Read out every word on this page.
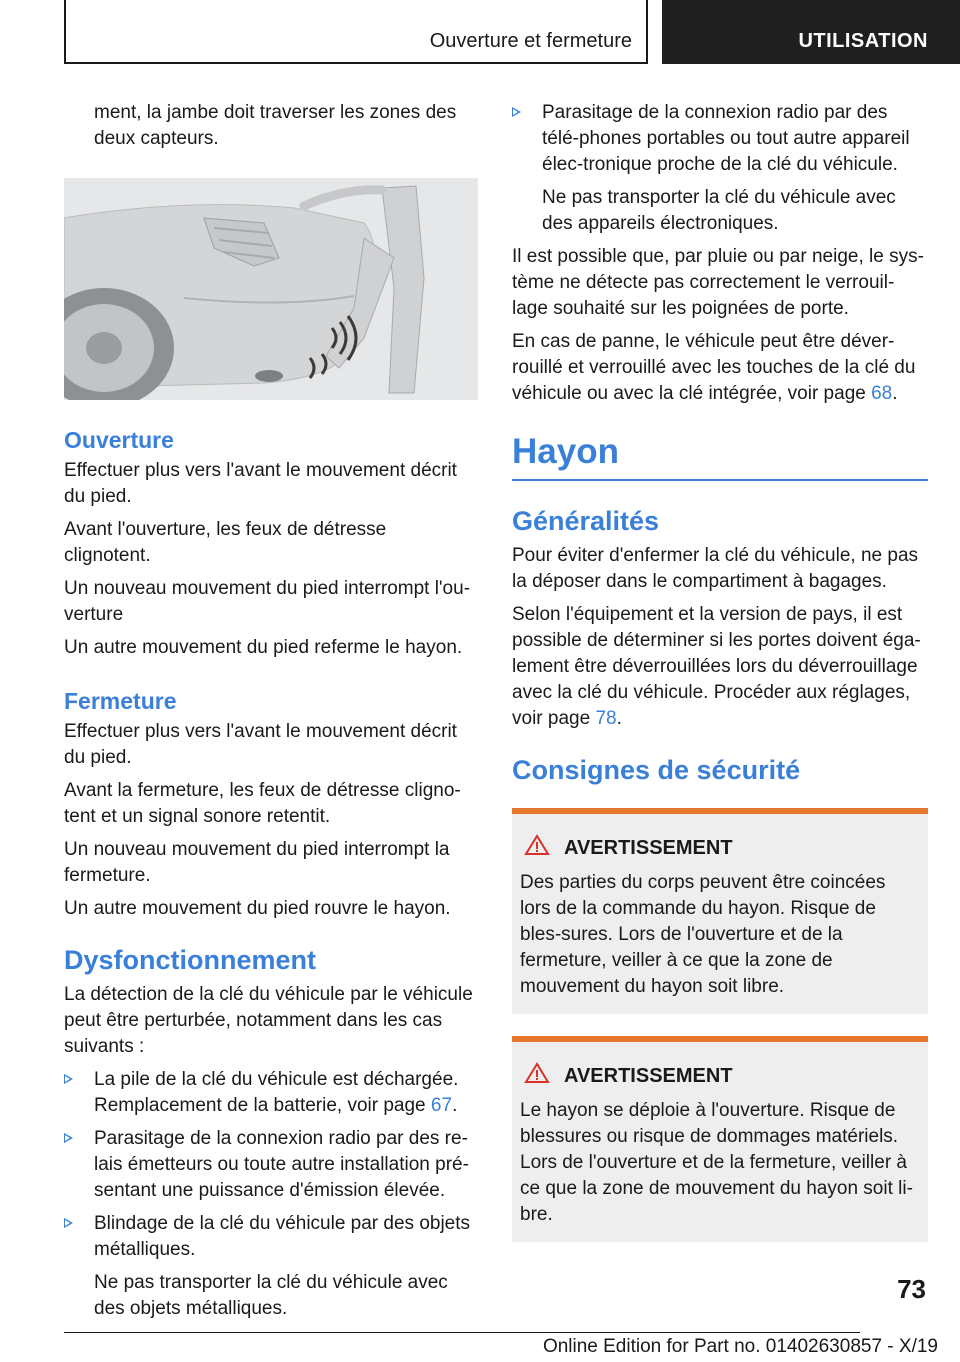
Ouverture et fermeture	UTILISATION

ment, la jambe doit traverser les zones des deux capteurs.

Ouverture

Effectuer plus vers l'avant le mouvement décrit du pied.

Avant l'ouverture, les feux de détresse clignotent.

Un nouveau mouvement du pied interrompt l'ou-verture

Un autre mouvement du pied referme le hayon.

Fermeture

Effectuer plus vers l'avant le mouvement décrit du pied.

Avant la fermeture, les feux de détresse cligno-tent et un signal sonore retentit.

Un nouveau mouvement du pied interrompt la fermeture.

Un autre mouvement du pied rouvre le hayon.

Dysfonctionnement

La détection de la clé du véhicule par le véhicule peut être perturbée, notamment dans les cas suivants :

La pile de la clé du véhicule est déchargée. Remplacement de la batterie, voir page 67.

Parasitage de la connexion radio par des re-lais émetteurs ou toute autre installation pré-sentant une puissance d'émission élevée.

Blindage de la clé du véhicule par des objets métalliques.

Ne pas transporter la clé du véhicule avec des objets métalliques.

Parasitage de la connexion radio par des télé-phones portables ou tout autre appareil élec-tronique proche de la clé du véhicule.

Ne pas transporter la clé du véhicule avec des appareils électroniques.

Il est possible que, par pluie ou par neige, le sys-tème ne détecte pas correctement le verrouil-lage souhaité sur les poignées de porte.

En cas de panne, le véhicule peut être déver-rouillé et verrouillé avec les touches de la clé du véhicule ou avec la clé intégrée, voir page 68.

Hayon
Généralités

Pour éviter d'enfermer la clé du véhicule, ne pas la déposer dans le compartiment à bagages.

Selon l'équipement et la version de pays, il est possible de déterminer si les portes doivent éga-lement être déverrouillées lors du déverrouillage avec la clé du véhicule. Procéder aux réglages, voir page 78.

Consignes de sécurité
AVERTISSEMENT

Des parties du corps peuvent être coincées lors de la commande du hayon. Risque de bles-sures. Lors de l'ouverture et de la fermeture, veiller à ce que la zone de mouvement du hayon soit libre.

AVERTISSEMENT

Le hayon se déploie à l'ouverture. Risque de blessures ou risque de dommages matériels. Lors de l'ouverture et de la fermeture, veiller à ce que la zone de mouvement du hayon soit li-bre.

73
Online Edition for Part no. 01402630857 - X/19
